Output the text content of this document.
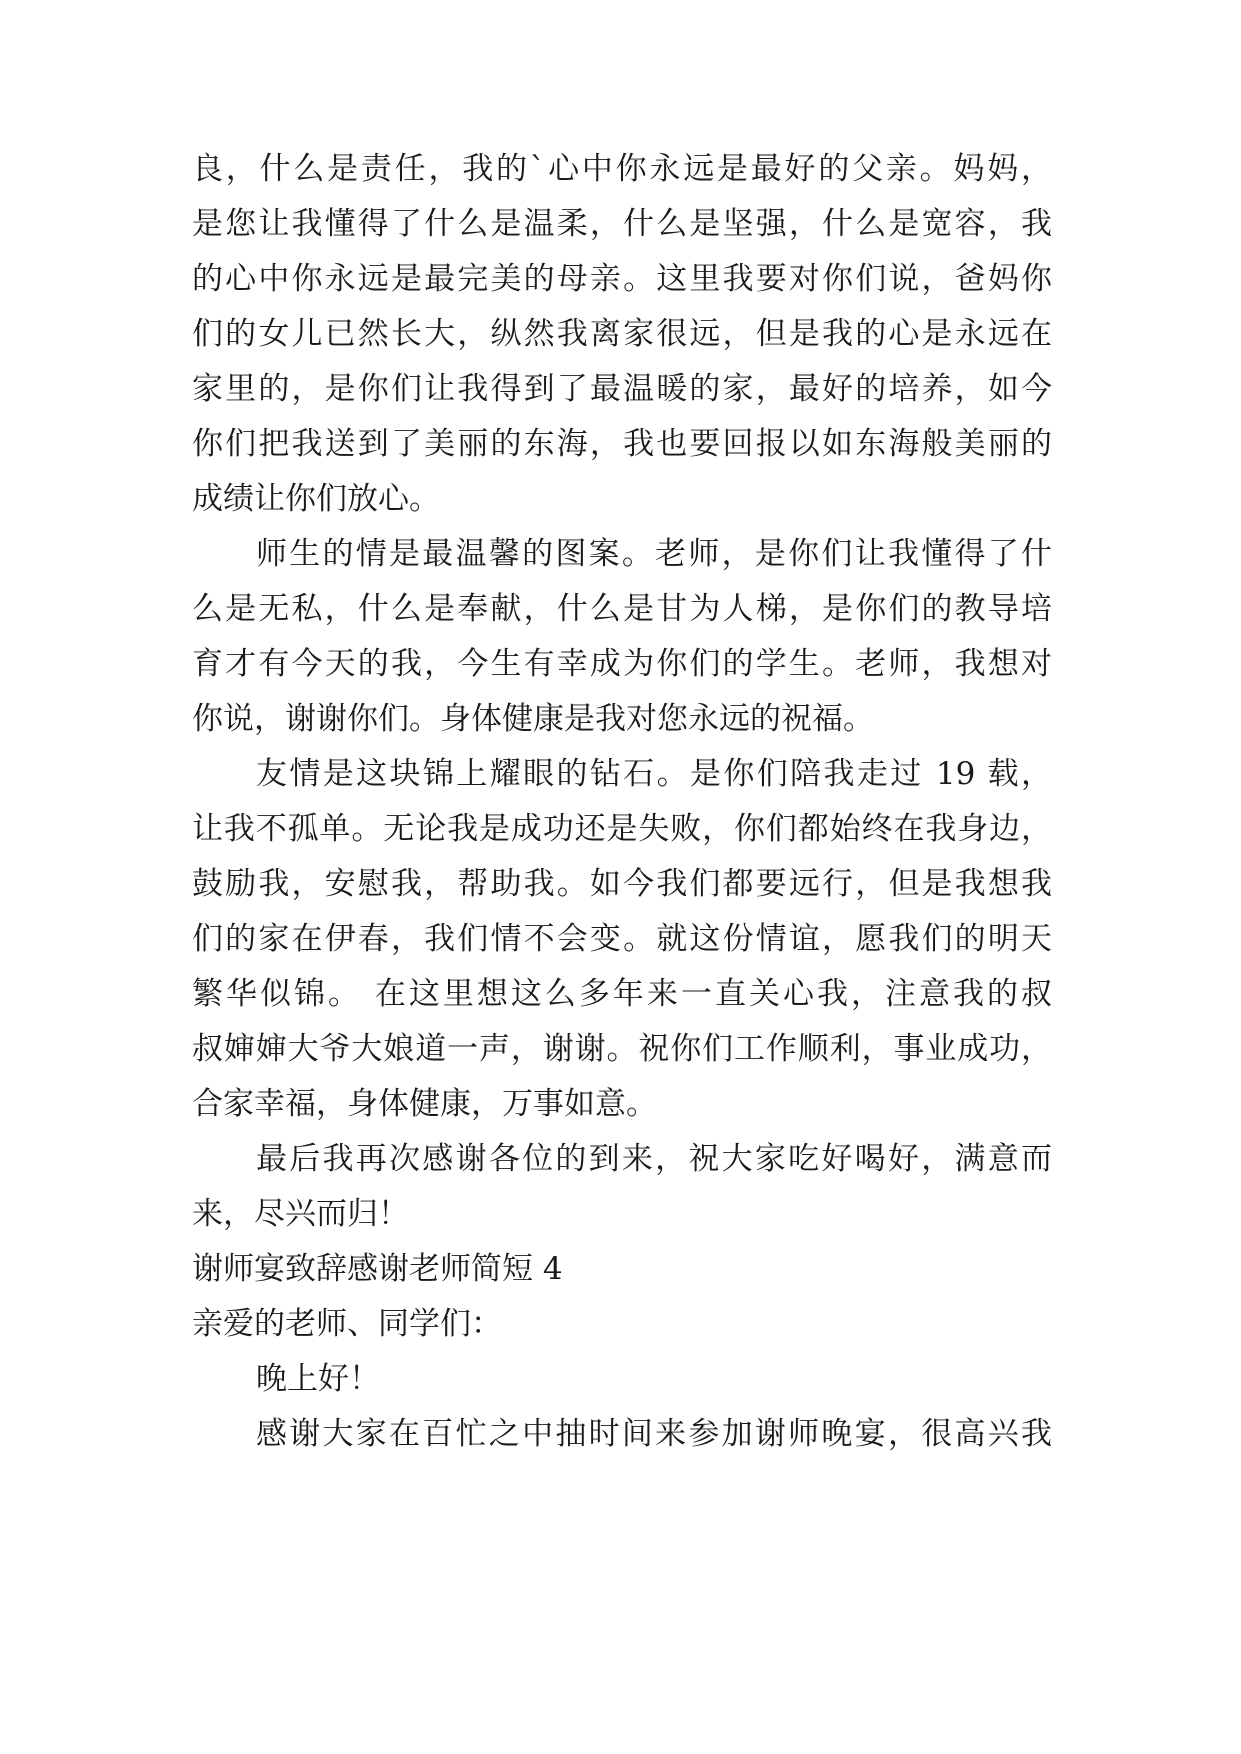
良，什么是责任，我的`心中你永远是最好的父亲。妈妈，
是您让我懂得了什么是温柔，什么是坚强，什么是宽容，我
的心中你永远是最完美的母亲。这里我要对你们说，爸妈你
们的女儿已然长大，纵然我离家很远，但是我的心是永远在
家里的，是你们让我得到了最温暖的家，最好的培养，如今
你们把我送到了美丽的东海，我也要回报以如东海般美丽的
成绩让你们放心。
师生的情是最温馨的图案。老师，是你们让我懂得了什
么是无私，什么是奉献，什么是甘为人梯，是你们的教导培
育才有今天的我，今生有幸成为你们的学生。老师，我想对
你说，谢谢你们。身体健康是我对您永远的祝福。
友情是这块锦上耀眼的钻石。是你们陪我走过 19 载，
让我不孤单。无论我是成功还是失败，你们都始终在我身边，
鼓励我，安慰我，帮助我。如今我们都要远行，但是我想我
们的家在伊春，我们情不会变。就这份情谊，愿我们的明天
繁华似锦。 在这里想这么多年来一直关心我，注意我的叔
叔婶婶大爷大娘道一声，谢谢。祝你们工作顺利，事业成功，
合家幸福，身体健康，万事如意。
最后我再次感谢各位的到来，祝大家吃好喝好，满意而
来，尽兴而归！
谢师宴致辞感谢老师简短 4
亲爱的老师、同学们：
晚上好！
感谢大家在百忙之中抽时间来参加谢师晚宴，很高兴我
